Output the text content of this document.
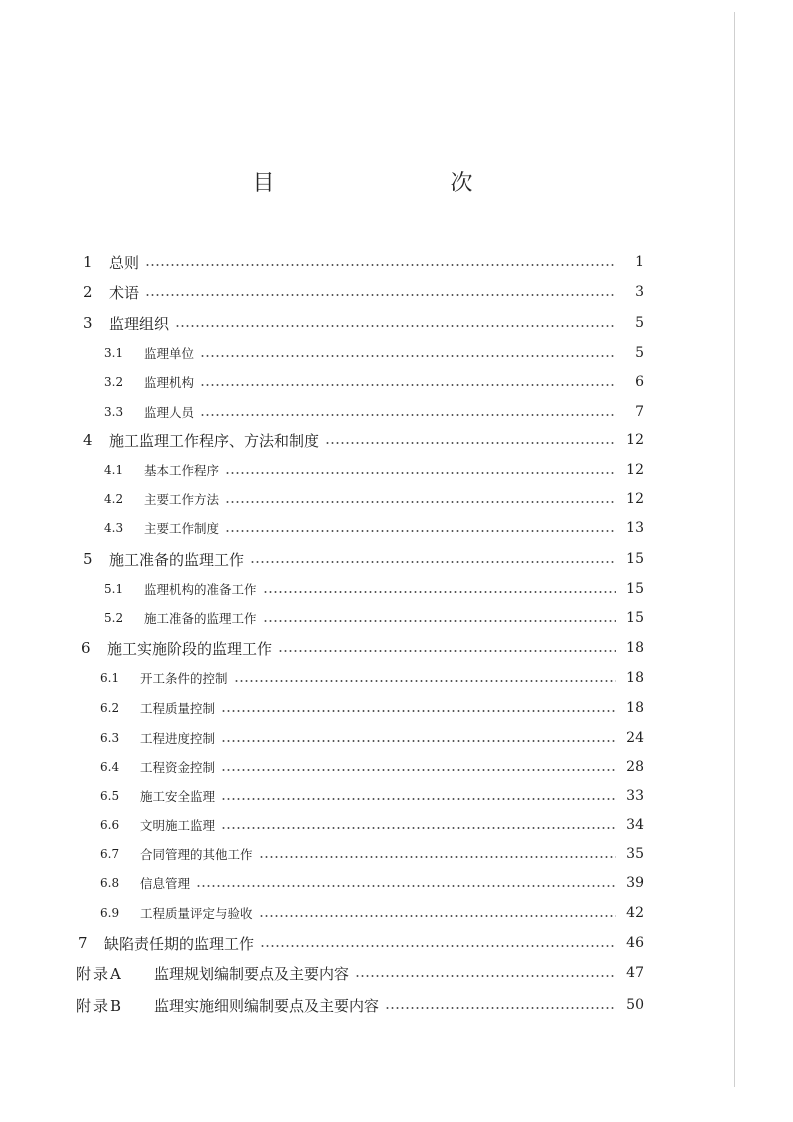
目　　次
1	总则	1
2	术语	3
3	监理组织	5
3.1	监理单位	5
3.2	监理机构	6
3.3	监理人员	7
4	施工监理工作程序、方法和制度	12
4.1	基本工作程序	12
4.2	主要工作方法	12
4.3	主要工作制度	13
5	施工准备的监理工作	15
5.1	监理机构的准备工作	15
5.2	施工准备的监理工作	15
6	施工实施阶段的监理工作	18
6.1	开工条件的控制	18
6.2	工程质量控制	18
6.3	工程进度控制	24
6.4	工程资金控制	28
6.5	施工安全监理	33
6.6	文明施工监理	34
6.7	合同管理的其他工作	35
6.8	信息管理	39
6.9	工程质量评定与验收	42
7	缺陷责任期的监理工作	46
附录A	监理规划编制要点及主要内容	47
附录B	监理实施细则编制要点及主要内容	50
